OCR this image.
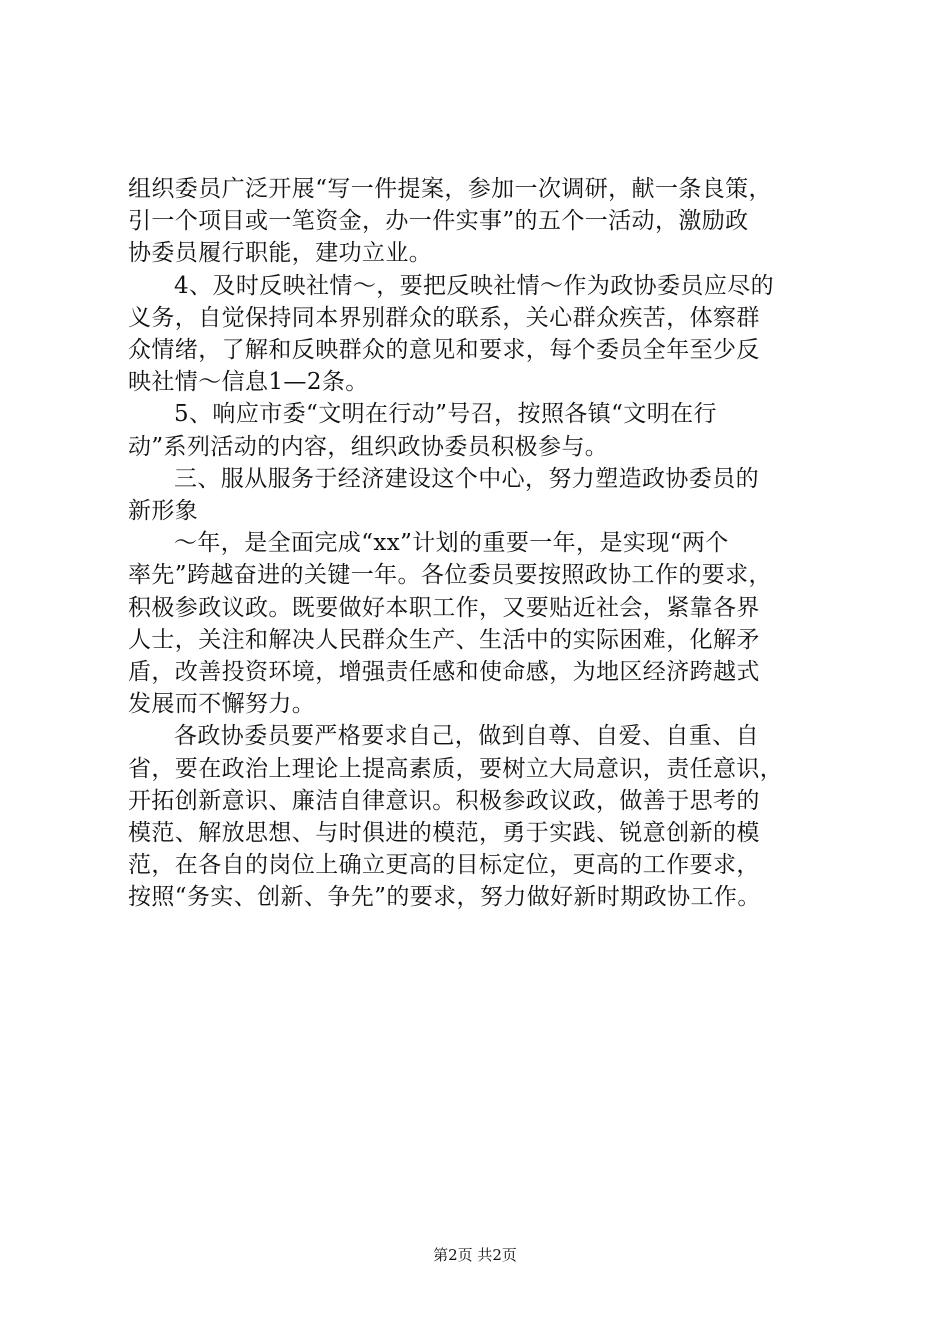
组织委员广泛开展“写一件提案，参加一次调研，献一条良策，
引一个项目或一笔资金，办一件实事”的五个一活动，激励政
协委员履行职能，建功立业。
4、及时反映社情～，要把反映社情～作为政协委员应尽的
义务，自觉保持同本界别群众的联系，关心群众疾苦，体察群
众情绪，了解和反映群众的意见和要求，每个委员全年至少反
映社情～信息1—2条。
5、响应市委“文明在行动”号召，按照各镇“文明在行
动”系列活动的内容，组织政协委员积极参与。
三、服从服务于经济建设这个中心，努力塑造政协委员的
新形象
～年，是全面完成“xx”计划的重要一年，是实现“两个
率先”跨越奋进的关键一年。各位委员要按照政协工作的要求，
积极参政议政。既要做好本职工作，又要贴近社会，紧靠各界
人士，关注和解决人民群众生产、生活中的实际困难，化解矛
盾，改善投资环境，增强责任感和使命感，为地区经济跨越式
发展而不懈努力。
各政协委员要严格要求自己，做到自尊、自爱、自重、自
省，要在政治上理论上提高素质，要树立大局意识，责任意识，
开拓创新意识、廉洁自律意识。积极参政议政，做善于思考的
模范、解放思想、与时俱进的模范，勇于实践、锐意创新的模
范，在各自的岗位上确立更高的目标定位，更高的工作要求，
按照“务实、创新、争先”的要求，努力做好新时期政协工作。
第2页 共2页
